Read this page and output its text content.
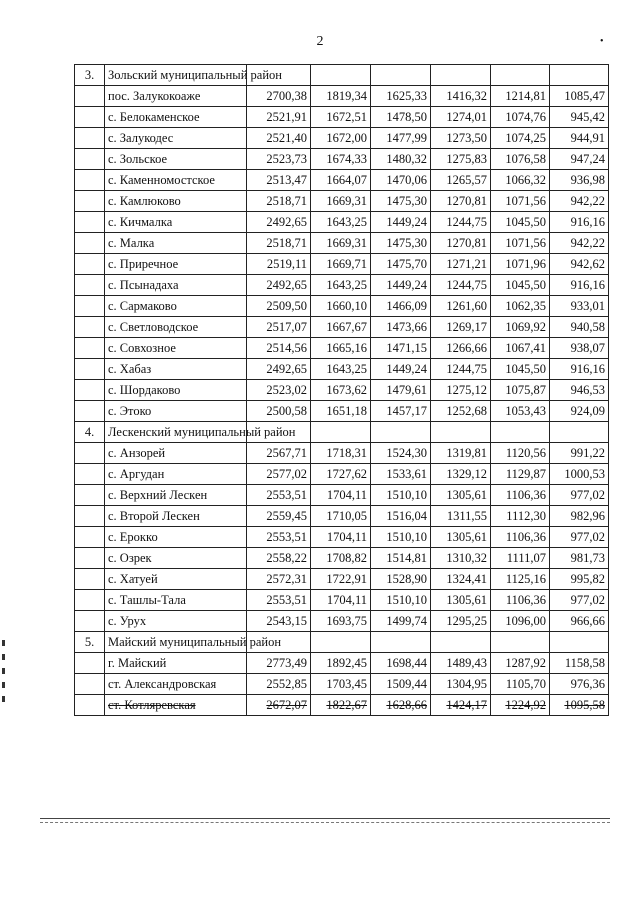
2	•
3.	Зольский муниципальный район						
	пос. Залукокоаже	2700,38	1819,34	1625,33	1416,32	1214,81	1085,47
	с. Белокаменское	2521,91	1672,51	1478,50	1274,01	1074,76	945,42
	с. Залукодес	2521,40	1672,00	1477,99	1273,50	1074,25	944,91
	с. Зольское	2523,73	1674,33	1480,32	1275,83	1076,58	947,24
	с. Каменномостское	2513,47	1664,07	1470,06	1265,57	1066,32	936,98
	с. Камлюково	2518,71	1669,31	1475,30	1270,81	1071,56	942,22
	с. Кичмалка	2492,65	1643,25	1449,24	1244,75	1045,50	916,16
	с. Малка	2518,71	1669,31	1475,30	1270,81	1071,56	942,22
	с. Приречное	2519,11	1669,71	1475,70	1271,21	1071,96	942,62
	с. Псынадаха	2492,65	1643,25	1449,24	1244,75	1045,50	916,16
	с. Сармаково	2509,50	1660,10	1466,09	1261,60	1062,35	933,01
	с. Светловодское	2517,07	1667,67	1473,66	1269,17	1069,92	940,58
	с. Совхозное	2514,56	1665,16	1471,15	1266,66	1067,41	938,07
	с. Хабаз	2492,65	1643,25	1449,24	1244,75	1045,50	916,16
	с. Шордаково	2523,02	1673,62	1479,61	1275,12	1075,87	946,53
	с. Этоко	2500,58	1651,18	1457,17	1252,68	1053,43	924,09
4.	Лескенский муниципальный район						
	с. Анзорей	2567,71	1718,31	1524,30	1319,81	1120,56	991,22
	с. Аргудан	2577,02	1727,62	1533,61	1329,12	1129,87	1000,53
	с. Верхний Лескен	2553,51	1704,11	1510,10	1305,61	1106,36	977,02
	с. Второй Лескен	2559,45	1710,05	1516,04	1311,55	1112,30	982,96
	с. Ерокко	2553,51	1704,11	1510,10	1305,61	1106,36	977,02
	с. Озрек	2558,22	1708,82	1514,81	1310,32	1111,07	981,73
	с. Хатуей	2572,31	1722,91	1528,90	1324,41	1125,16	995,82
	с. Ташлы-Тала	2553,51	1704,11	1510,10	1305,61	1106,36	977,02
	с. Урух	2543,15	1693,75	1499,74	1295,25	1096,00	966,66
5.	Майский муниципальный район						
	г. Майский	2773,49	1892,45	1698,44	1489,43	1287,92	1158,58
	ст. Александровская	2552,85	1703,45	1509,44	1304,95	1105,70	976,36
	ст. Котляревская	2672,07	1822,67	1628,66	1424,17	1224,92	1095,58
